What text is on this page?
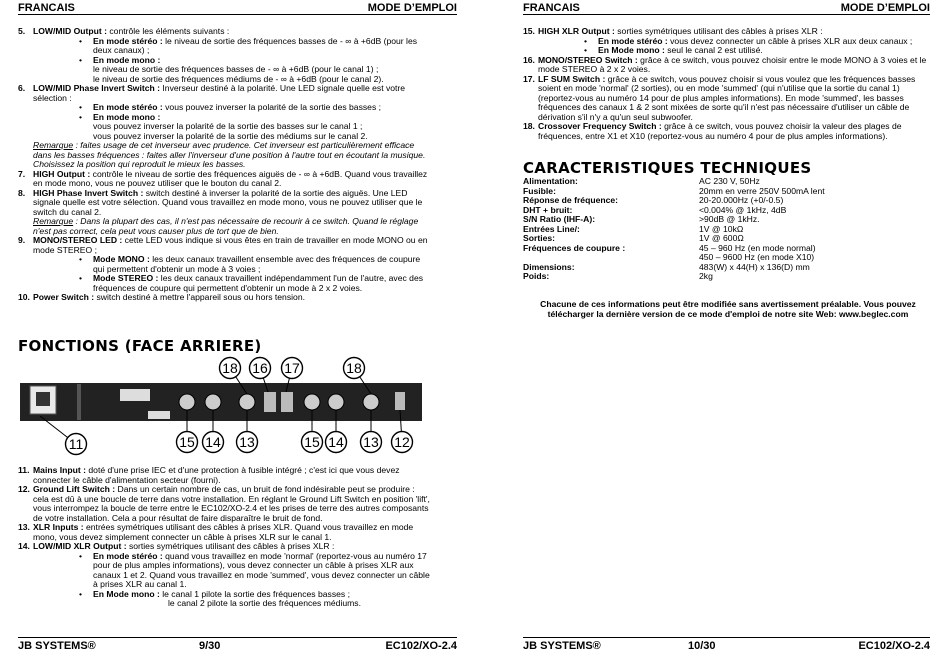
FRANCAIS	MODE D’EMPLOI
5. LOW/MID Output : contrôle les éléments suivants :
• En mode stéréo : le niveau de sortie des fréquences basses de - ∞ à +6dB (pour les deux canaux) ;
• En mode mono :
le niveau de sortie des fréquences basses de - ∞ à +6dB (pour le canal 1) ;
le niveau de sortie des fréquences médiums de - ∞ à +6dB (pour le canal 2).
6. LOW/MID Phase Invert Switch : Inverseur destiné à la polarité. Une LED signale quelle est votre sélection :
• En mode stéréo : vous pouvez inverser la polarité de la sortie des basses ;
• En mode mono :
vous pouvez inverser la polarité de la sortie des basses sur le canal 1 ;
vous pouvez inverser la polarité de la sortie des médiums sur le canal 2.
Remarque : faites usage de cet inverseur avec prudence. Cet inverseur est particulièrement efficace dans les basses fréquences : faites aller l'inverseur d'une position à l'autre tout en écoutant la musique. Choisissez la position qui reproduit le mieux les basses.
7. HIGH Output : contrôle le niveau de sortie des fréquences aiguës de - ∞ à +6dB. Quand vous travaillez en mode mono, vous ne pouvez utiliser que le bouton du canal 2.
8. HIGH Phase Invert Switch : switch destiné à inverser la polarité de la sortie des aiguës. Une LED signale quelle est votre sélection. Quand vous travaillez en mode mono, vous ne pouvez utiliser que le switch du canal 2.
Remarque : Dans la plupart des cas, il n'est pas nécessaire de recourir à ce switch. Quand le réglage n'est pas correct, cela peut vous causer plus de tort que de bien.
9. MONO/STEREO LED : cette LED vous indique si vous êtes en train de travailler en mode MONO ou en mode STEREO ;
• Mode MONO : les deux canaux travaillent ensemble avec des fréquences de coupure qui permettent d'obtenir un mode à 3 voies ;
• Mode STEREO : les deux canaux travaillent indépendamment l'un de l'autre, avec des fréquences de coupure qui permettent d'obtenir un mode à 2 x 2 voies.
10. Power Switch : switch destiné à mettre l'appareil sous ou hors tension.
FONCTIONS (FACE ARRIERE)
18 16 17	18
11	15 14 13	15 14 13 12
11. Mains Input : doté d'une prise IEC et d'une protection à fusible intégré ; c'est ici que vous devez connecter le câble d'alimentation secteur (fourni).
12. Ground Lift Switch : Dans un certain nombre de cas, un bruit de fond indésirable peut se produire : cela est dû à une boucle de terre dans votre installation. En réglant le Ground Lift Switch en position 'lift', vous interrompez la boucle de terre entre le EC102/XO-2.4 et les prises de terre des autres composants de votre installation. Cela a pour résultat de faire disparaître le bruit de fond.
13. XLR Inputs : entrées symétriques utilisant des câbles à prises XLR. Quand vous travaillez en mode mono, vous devez simplement connecter un câble à prises XLR sur le canal 1.
14. LOW/MID XLR Output : sorties symétriques utilisant des câbles à prises XLR :
• En mode stéréo : quand vous travaillez en mode 'normal' (reportez-vous au numéro 17 pour de plus amples informations), vous devez connecter un câble à prises XLR aux canaux 1 et 2. Quand vous travaillez en mode 'summed', vous devez connecter un câble à prises XLR au canal 1.
• En Mode mono : le canal 1 pilote la sortie des fréquences basses ;
le canal 2 pilote la sortie des fréquences médiums.
JB SYSTEMS®	9/30	EC102/XO-2.4
FRANCAIS	MODE D’EMPLOI
15. HIGH XLR Output : sorties symétriques utilisant des câbles à prises XLR :
• En mode stéréo : vous devez connecter un câble à prises XLR aux deux canaux ;
• En Mode mono : seul le canal 2 est utilisé.
16. MONO/STEREO Switch : grâce à ce switch, vous pouvez choisir entre le mode MONO à 3 voies et le mode STEREO à 2 x 2 voies.
17. LF SUM Switch : grâce à ce switch, vous pouvez choisir si vous voulez que les fréquences basses soient en mode 'normal' (2 sorties), ou en mode 'summed' (qui n'utilise que la sortie du canal 1) (reportez-vous au numéro 14 pour de plus amples informations). En mode 'summed', les basses fréquences des canaux 1 & 2 sont mixées de sorte qu'il n'est pas nécessaire d'utiliser un câble de dérivation s'il n'y a qu'un seul subwoofer.
18. Crossover Frequency Switch : grâce à ce switch, vous pouvez choisir la valeur des plages de fréquences, entre X1 et X10 (reportez-vous au numéro 4 pour de plus amples informations).
CARACTERISTIQUES TECHNIQUES
Alimentation:	AC 230 V, 50Hz
Fusible:	20mm en verre 250V 500mA lent
Réponse de fréquence:	20-20.000Hz (+0/-0.5)
DHT + bruit:	<0.004% @ 1kHz, 4dB
S/N Ratio (IHF-A):	>90dB @ 1kHz.
Entrées Line/:	1V @ 10kΩ
Sorties:	1V @ 600Ω
Fréquences de coupure :	45 – 960 Hz (en mode normal)
450 – 9600 Hz (en mode X10)
Dimensions:	483(W) x 44(H) x 136(D) mm
Poids:	2kg
Chacune de ces informations peut être modifiée sans avertissement préalable. Vous pouvez télécharger la dernière version de ce mode d'emploi de notre site Web: www.beglec.com
JB SYSTEMS®	10/30	EC102/XO-2.4
